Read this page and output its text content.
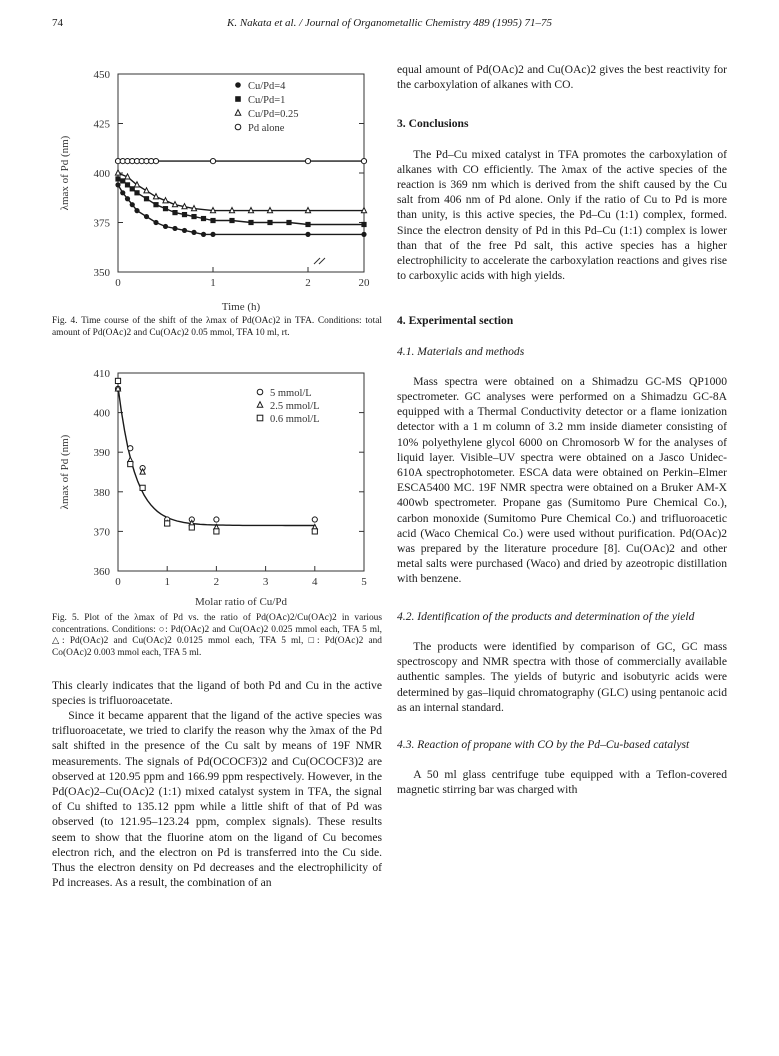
74	K. Nakata et al. / Journal of Organometallic Chemistry 489 (1995) 71–75
350
375
400
425
450
0	1	2	20
Time (h)
λmax of Pd (nm)
Cu/Pd=4
Cu/Pd=1
Cu/Pd=0.25
Pd alone
Fig. 4. Time course of the shift of the λmax of Pd(OAc)2 in TFA. Conditions: total amount of Pd(OAc)2 and Cu(OAc)2 0.05 mmol, TFA 10 ml, rt.
360
370
380
390
400
410
0	1	2	3	4	5
Molar ratio of Cu/Pd
λmax of Pd (nm)
5 mmol/L
2.5 mmol/L
0.6 mmol/L
Fig. 5. Plot of the λmax of Pd vs. the ratio of Pd(OAc)2/Cu(OAc)2 in various concentrations. Conditions: ○: Pd(OAc)2 and Cu(OAc)2 0.025 mmol each, TFA 5 ml, △: Pd(OAc)2 and Cu(OAc)2 0.0125 mmol each, TFA 5 ml, □: Pd(OAc)2 and Co(OAc)2 0.003 mmol each, TFA 5 ml.

This clearly indicates that the ligand of both Pd and Cu in the active species is trifluoroacetate.

Since it became apparent that the ligand of the active species was trifluoroacetate, we tried to clarify the reason why the λmax of the Pd salt shifted in the presence of the Cu salt by means of 19F NMR measurements. The signals of Pd(OCOCF3)2 and Cu(OCOCF3)2 are observed at 120.95 ppm and 166.99 ppm respectively. However, in the Pd(OAc)2–Cu(OAc)2 (1:1) mixed catalyst system in TFA, the signal of Cu shifted to 135.12 ppm while a little shift of that of Pd was observed (to 121.95–123.24 ppm, complex signals). These results seem to show that the fluorine atom on the ligand of Cu becomes electron rich, and the electron on Pd is transferred into the Cu side. Thus the electron density on Pd decreases and the electrophilicity of Pd increases. As a result, the combination of an

equal amount of Pd(OAc)2 and Cu(OAc)2 gives the best reactivity for the carboxylation of alkanes with CO.

3. Conclusions

The Pd–Cu mixed catalyst in TFA promotes the carboxylation of alkanes with CO efficiently. The λmax of the active species of the reaction is 369 nm which is derived from the shift caused by the Cu salt from 406 nm of Pd alone. Only if the ratio of Cu to Pd is more than unity, is this active species, the Pd–Cu (1:1) complex, formed. Since the electron density of Pd in this Pd–Cu (1:1) complex is lower than that of the free Pd salt, this active species has a higher electrophilicity to accelerate the carboxylation reactions and gives rise to carboxylic acids with high yields.

4. Experimental section
4.1. Materials and methods

Mass spectra were obtained on a Shimadzu GC-MS QP1000 spectrometer. GC analyses were performed on a Shimadzu GC-8A equipped with a Thermal Conductivity detector or a flame ionization detector with a 1 m column of 3.2 mm inside diameter consisting of 10% polyethylene glycol 6000 on Chromosorb W for the analyses of liquid layer. Visible–UV spectra were obtained on a Jasco Unidec-610A spectrophotometer. ESCA data were obtained on Perkin–Elmer ESCA5400 MC. 19F NMR spectra were obtained on a Bruker AM-X 400wb spectrometer. Propane gas (Sumitomo Pure Chemical Co.), carbon monoxide (Sumitomo Pure Chemical Co.) and trifluoroacetic acid (Waco Chemical Co.) were used without purification. Pd(OAc)2 was prepared by the literature procedure [8]. Cu(OAc)2 and other metal salts were purchased (Waco) and dried by azeotropic distillation with benzene.

4.2. Identification of the products and determination of the yield

The products were identified by comparison of GC, GC mass spectroscopy and NMR spectra with those of commercially available authentic samples. The yields of butyric and isobutyric acids were determined by gas–liquid chromatography (GLC) using pentanoic acid as an internal standard.

4.3. Reaction of propane with CO by the Pd–Cu-based catalyst

A 50 ml glass centrifuge tube equipped with a Teflon-covered magnetic stirring bar was charged with
